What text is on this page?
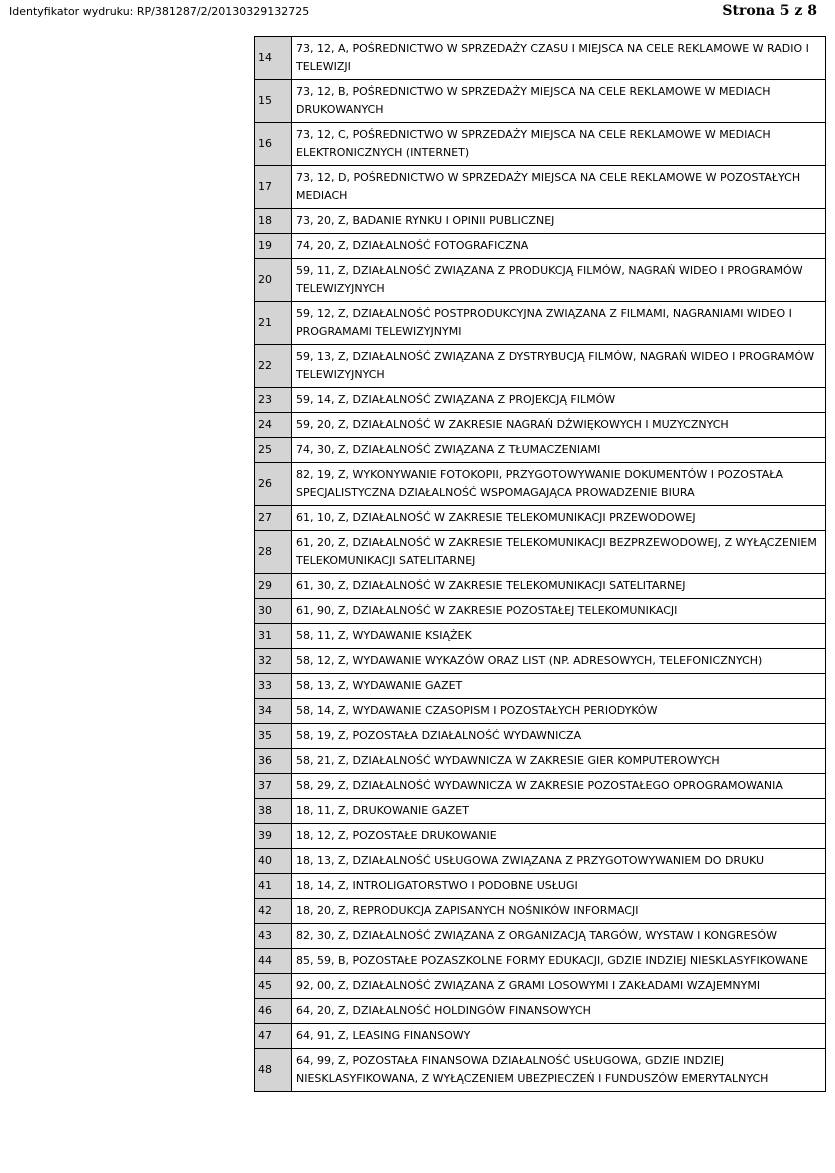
Identyfikator wydruku: RP/381287/2/20130329132725	Strona 5 z 8
14	73, 12, A, POŚREDNICTWO W SPRZEDAŻY CZASU I MIEJSCA NA CELE REKLAMOWE W RADIO I TELEWIZJI
15	73, 12, B, POŚREDNICTWO W SPRZEDAŻY MIEJSCA NA CELE REKLAMOWE W MEDIACH DRUKOWANYCH
16	73, 12, C, POŚREDNICTWO W SPRZEDAŻY MIEJSCA NA CELE REKLAMOWE W MEDIACH ELEKTRONICZNYCH (INTERNET)
17	73, 12, D, POŚREDNICTWO W SPRZEDAŻY MIEJSCA NA CELE REKLAMOWE W POZOSTAŁYCH MEDIACH
18	73, 20, Z, BADANIE RYNKU I OPINII PUBLICZNEJ
19	74, 20, Z, DZIAŁALNOŚĆ FOTOGRAFICZNA
20	59, 11, Z, DZIAŁALNOŚĆ ZWIĄZANA Z PRODUKCJĄ FILMÓW, NAGRAŃ WIDEO I PROGRAMÓW TELEWIZYJNYCH
21	59, 12, Z, DZIAŁALNOŚĆ POSTPRODUKCYJNA ZWIĄZANA Z FILMAMI, NAGRANIAMI WIDEO I PROGRAMAMI TELEWIZYJNYMI
22	59, 13, Z, DZIAŁALNOŚĆ ZWIĄZANA Z DYSTRYBUCJĄ FILMÓW, NAGRAŃ WIDEO I PROGRAMÓW TELEWIZYJNYCH
23	59, 14, Z, DZIAŁALNOŚĆ ZWIĄZANA Z PROJEKCJĄ FILMÓW
24	59, 20, Z, DZIAŁALNOŚĆ W ZAKRESIE NAGRAŃ DŹWIĘKOWYCH I MUZYCZNYCH
25	74, 30, Z, DZIAŁALNOŚĆ ZWIĄZANA Z TŁUMACZENIAMI
26	82, 19, Z, WYKONYWANIE FOTOKOPII, PRZYGOTOWYWANIE DOKUMENTÓW I POZOSTAŁA SPECJALISTYCZNA DZIAŁALNOŚĆ WSPOMAGAJĄCA PROWADZENIE BIURA
27	61, 10, Z, DZIAŁALNOŚĆ W ZAKRESIE TELEKOMUNIKACJI PRZEWODOWEJ
28	61, 20, Z, DZIAŁALNOŚĆ W ZAKRESIE TELEKOMUNIKACJI BEZPRZEWODOWEJ, Z WYŁĄCZENIEM TELEKOMUNIKACJI SATELITARNEJ
29	61, 30, Z, DZIAŁALNOŚĆ W ZAKRESIE TELEKOMUNIKACJI SATELITARNEJ
30	61, 90, Z, DZIAŁALNOŚĆ W ZAKRESIE POZOSTAŁEJ TELEKOMUNIKACJI
31	58, 11, Z, WYDAWANIE KSIĄŻEK
32	58, 12, Z, WYDAWANIE WYKAZÓW ORAZ LIST (NP. ADRESOWYCH, TELEFONICZNYCH)
33	58, 13, Z, WYDAWANIE GAZET
34	58, 14, Z, WYDAWANIE CZASOPISM I POZOSTAŁYCH PERIODYKÓW
35	58, 19, Z, POZOSTAŁA DZIAŁALNOŚĆ WYDAWNICZA
36	58, 21, Z, DZIAŁALNOŚĆ WYDAWNICZA W ZAKRESIE GIER KOMPUTEROWYCH
37	58, 29, Z, DZIAŁALNOŚĆ WYDAWNICZA W ZAKRESIE POZOSTAŁEGO OPROGRAMOWANIA
38	18, 11, Z, DRUKOWANIE GAZET
39	18, 12, Z, POZOSTAŁE DRUKOWANIE
40	18, 13, Z, DZIAŁALNOŚĆ USŁUGOWA ZWIĄZANA Z PRZYGOTOWYWANIEM DO DRUKU
41	18, 14, Z, INTROLIGATORSTWO I PODOBNE USŁUGI
42	18, 20, Z, REPRODUKCJA ZAPISANYCH NOŚNIKÓW INFORMACJI
43	82, 30, Z, DZIAŁALNOŚĆ ZWIĄZANA Z ORGANIZACJĄ TARGÓW, WYSTAW I KONGRESÓW
44	85, 59, B, POZOSTAŁE POZASZKOLNE FORMY EDUKACJI, GDZIE INDZIEJ NIESKLASYFIKOWANE
45	92, 00, Z, DZIAŁALNOŚĆ ZWIĄZANA Z GRAMI LOSOWYMI I ZAKŁADAMI WZAJEMNYMI
46	64, 20, Z, DZIAŁALNOŚĆ HOLDINGÓW FINANSOWYCH
47	64, 91, Z, LEASING FINANSOWY
48	64, 99, Z, POZOSTAŁA FINANSOWA DZIAŁALNOŚĆ USŁUGOWA, GDZIE INDZIEJ NIESKLASYFIKOWANA, Z WYŁĄCZENIEM UBEZPIECZEŃ I FUNDUSZÓW EMERYTALNYCH
